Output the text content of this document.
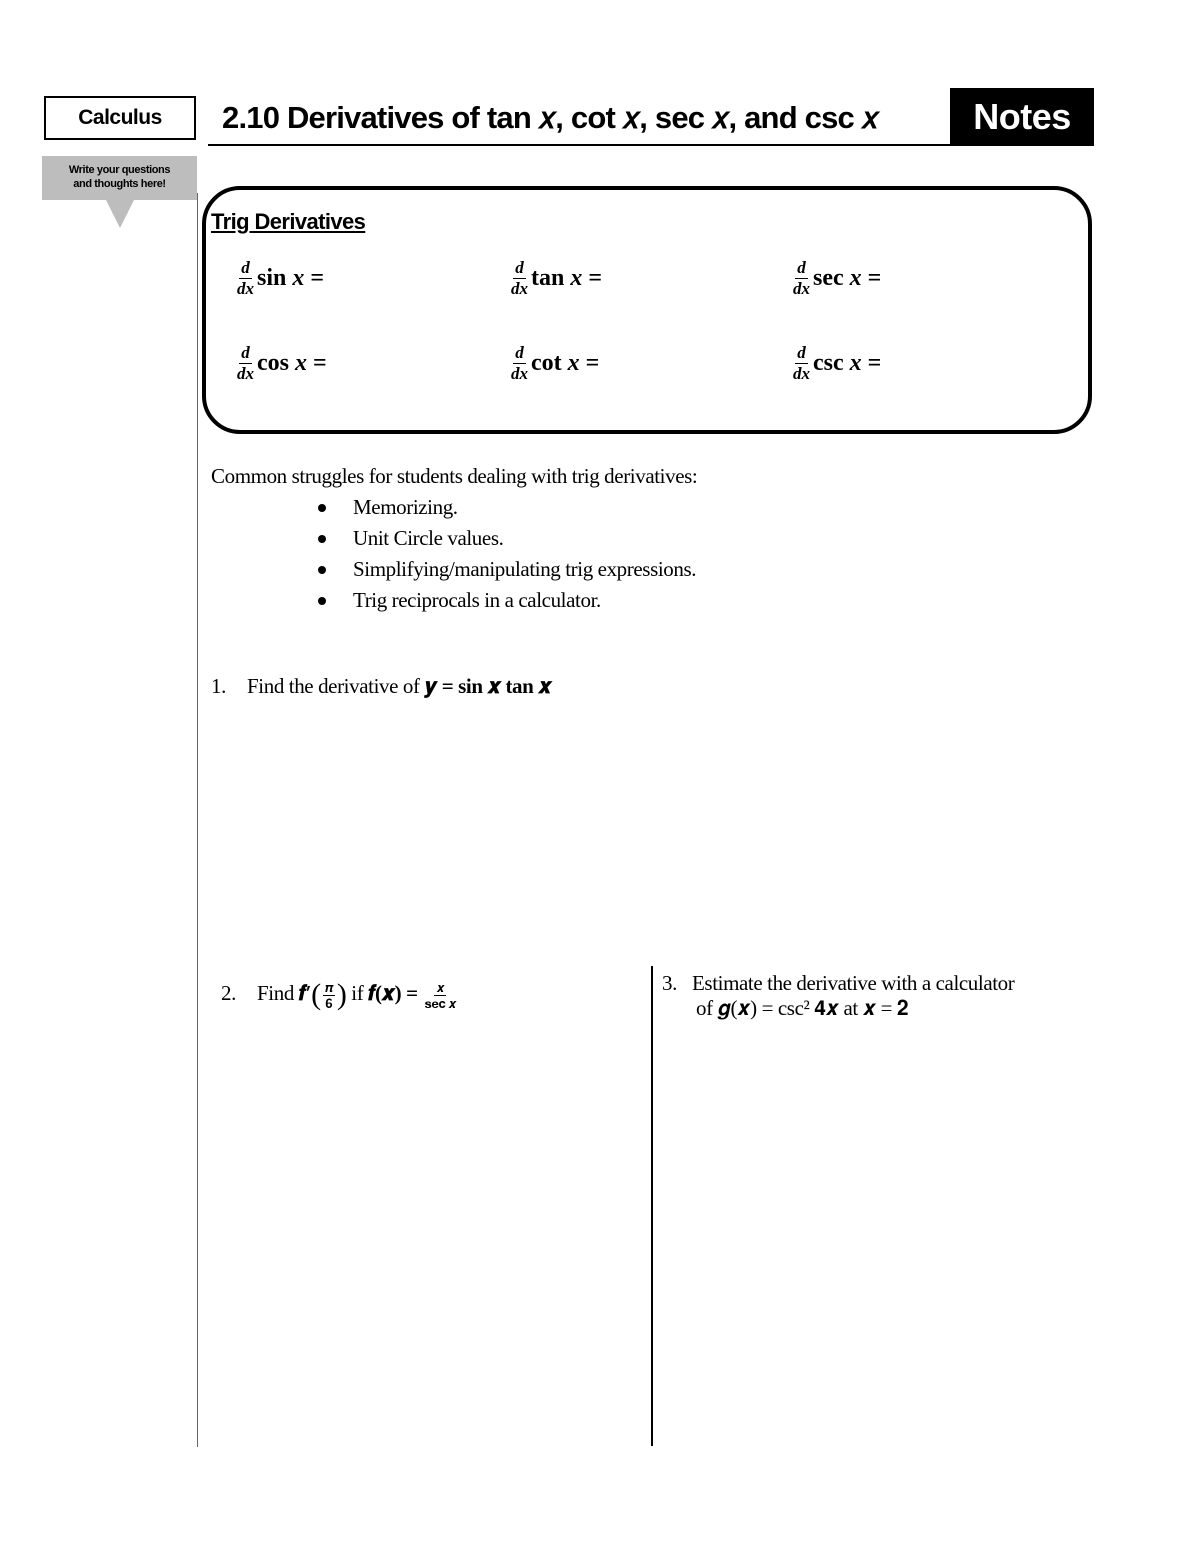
Calculus	2.10 Derivatives of tan 𝑥, cot 𝑥, sec 𝑥, and csc 𝑥	Notes
Write your questions
and thoughts here!
Trig Derivatives
$\frac{d}{dx}$ sin
x
=	$\frac{d}{dx}$ tan
x
=	$\frac{d}{dx}$ sec
x
=
$\frac{d}{dx}$ cos
x
=	$\frac{d}{dx}$ cot
x
=	$\frac{d}{dx}$ csc
x
=
Common struggles for students dealing with trig derivatives:
Memorizing.
Unit Circle values.
Simplifying/manipulating trig expressions.
Trig reciprocals in a calculator.
1. Find the derivative of 𝒚 = sin 𝒙 tan 𝒙
2. Find 𝒇′( $\frac{\text{𝝅}}{𝟔}$ ) if 𝒇(𝒙) = $\frac{\text{𝒙}}{\text{𝐬𝐞𝐜 𝒙}}$	3. Estimate the derivative with a calculator
of 𝒈(𝒙) = csc² 𝟒𝒙 at 𝒙 = 𝟐
